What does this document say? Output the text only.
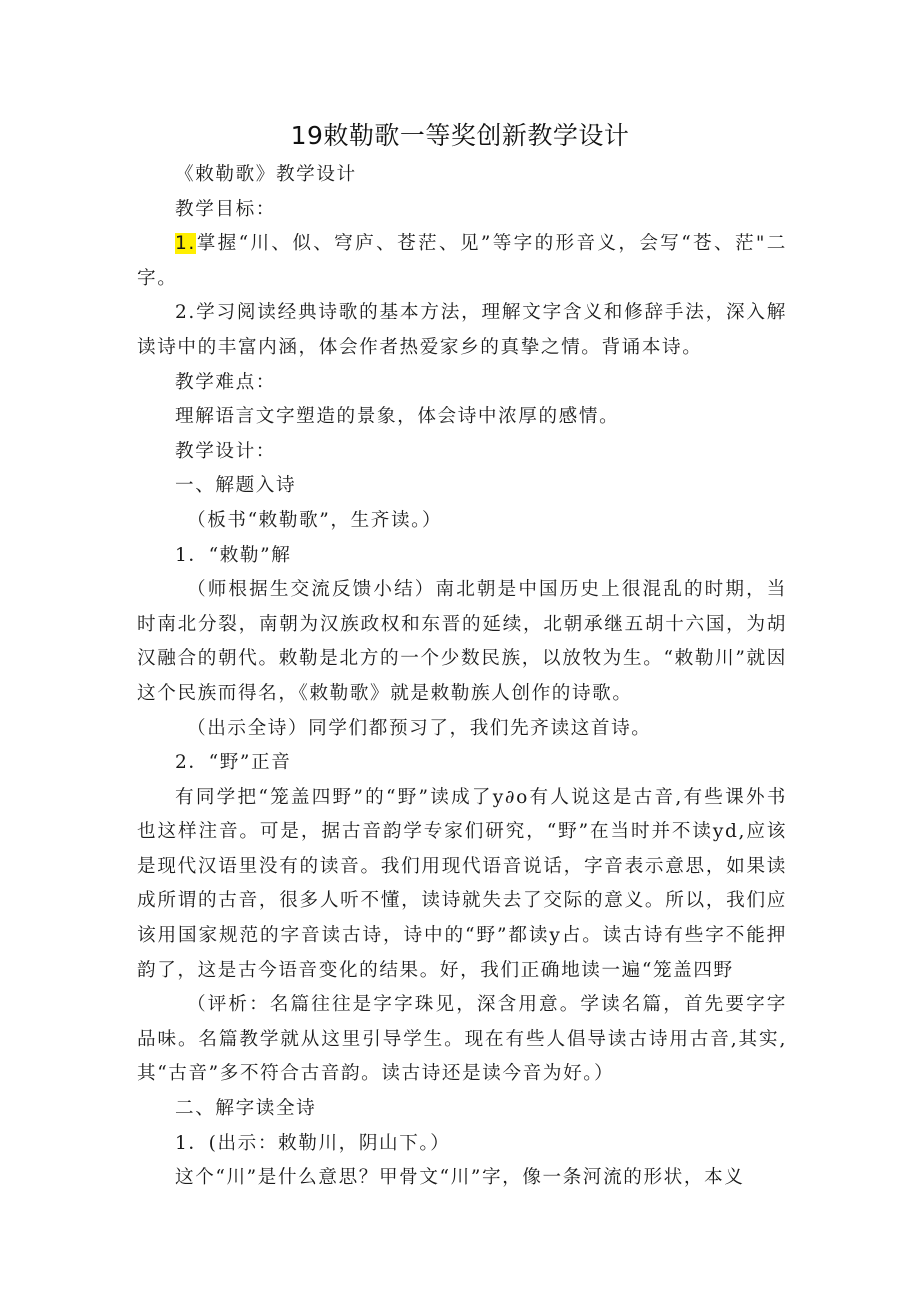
19敕勒歌一等奖创新教学设计

《敕勒歌》教学设计

教学目标：

1.掌握“川、似、穹庐、苍茫、见”等字的形音义，会写“苍、茫"二字。

2.学习阅读经典诗歌的基本方法，理解文字含义和修辞手法，深入解读诗中的丰富内涵，体会作者热爱家乡的真挚之情。背诵本诗。

教学难点：

理解语言文字塑造的景象，体会诗中浓厚的感情。

教学设计：

一、解题入诗

（板书“敕勒歌”，生齐读。）

1．“敕勒”解

（师根据生交流反馈小结）南北朝是中国历史上很混乱的时期，当时南北分裂，南朝为汉族政权和东晋的延续，北朝承继五胡十六国，为胡汉融合的朝代。敕勒是北方的一个少数民族，以放牧为生。“敕勒川”就因这个民族而得名，《敕勒歌》就是敕勒族人创作的诗歌。

（出示全诗）同学们都预习了，我们先齐读这首诗。

2．“野”正音

有同学把“笼盖四野”的“野”读成了y∂o有人说这是古音,有些课外书也这样注音。可是，据古音韵学专家们研究，“野”在当时并不读yd,应该是现代汉语里没有的读音。我们用现代语音说话，字音表示意思，如果读成所谓的古音，很多人听不懂，读诗就失去了交际的意义。所以，我们应该用国家规范的字音读古诗，诗中的“野”都读y占。读古诗有些字不能押韵了，这是古今语音变化的结果。好，我们正确地读一遍“笼盖四野

（评析：名篇往往是字字珠见，深含用意。学读名篇，首先要字字品味。名篇教学就从这里引导学生。现在有些人倡导读古诗用古音,其实,其“古音”多不符合古音韵。读古诗还是读今音为好。）

二、解字读全诗

1．(出示：敕勒川，阴山下。）

这个“川”是什么意思？甲骨文“川”字，像一条河流的形状，本义
